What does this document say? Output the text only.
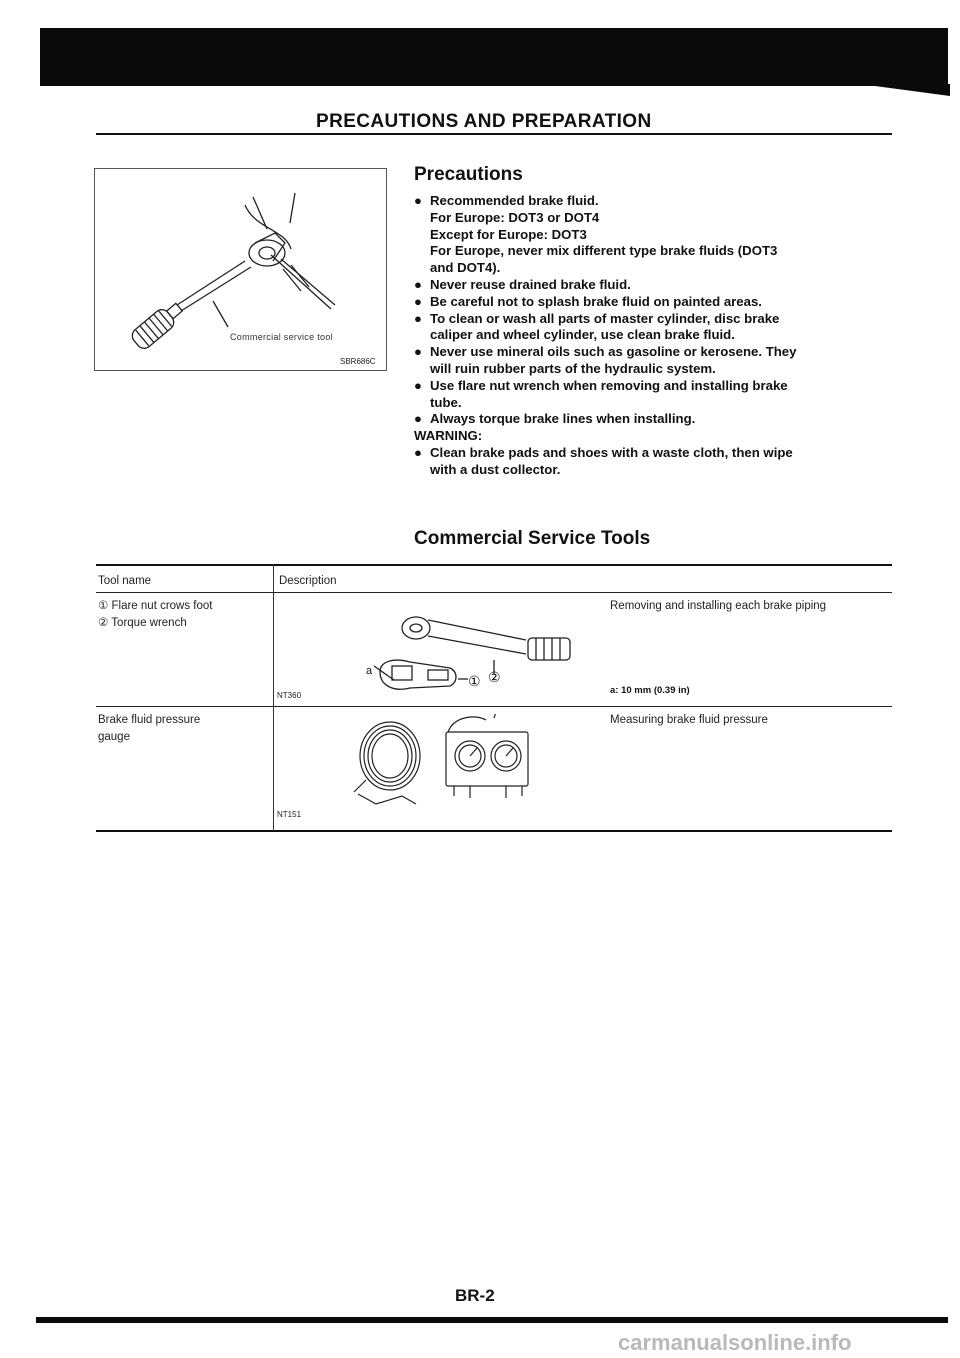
PRECAUTIONS AND PREPARATION
Commercial service tool
SBR686C
Precautions
● Recommended brake fluid.
For Europe: DOT3 or DOT4
Except for Europe: DOT3
For Europe, never mix different type brake fluids (DOT3
and DOT4).
● Never reuse drained brake fluid.
● Be careful not to splash brake fluid on painted areas.
● To clean or wash all parts of master cylinder, disc brake
caliper and wheel cylinder, use clean brake fluid.
● Never use mineral oils such as gasoline or kerosene. They
will ruin rubber parts of the hydraulic system.
● Use flare nut wrench when removing and installing brake
tube.
● Always torque brake lines when installing.
WARNING:
● Clean brake pads and shoes with a waste cloth, then wipe
with a dust collector.
Commercial Service Tools
Tool name	Description
① Flare nut crows foot
② Torque wrench
Removing and installing each brake piping
a: 10 mm (0.39 in)
NT360
a
① ②
Brake fluid pressure
gauge
Measuring brake fluid pressure
NT151
BR-2
carmanualsonline.info
